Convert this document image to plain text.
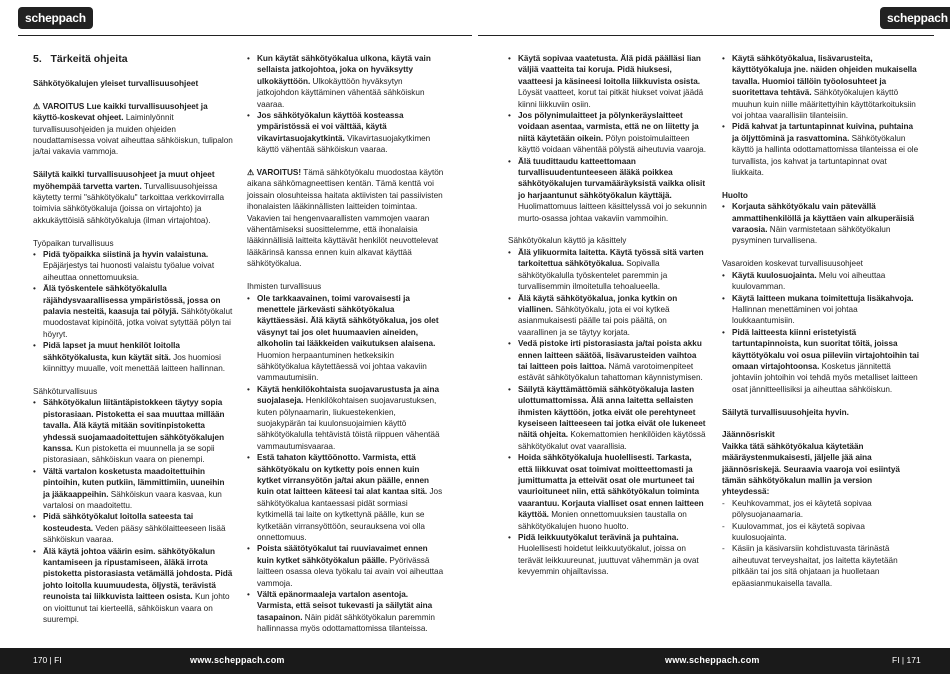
scheppach	scheppach

5.   Tärkeitä ohjeita

Sähkötyökalujen yleiset turvallisuusohjeet

⚠ VAROITUS Lue kaikki turvallisuusohjeet ja käyttö-koskevat ohjeet. Laiminlyönnit turvallisuusohjeiden ja muiden ohjeiden noudattamisessa voivat aiheuttaa sähköiskun, tulipalon ja/tai vakavia vammoja.

Säilytä kaikki turvallisuusohjeet ja muut ohjeet myöhempää tarvetta varten. Turvallisuusohjeissa käytetty termi "sähkötyökalu" tarkoittaa verkkovirralla toimivia sähkötyökaluja (joissa on virtajohto) ja akkukäyttöisiä sähkötyökaluja (ilman virtajohtoa).

Työpaikan turvallisuus

• Pidä työpaikka siistinä ja hyvin valaistuna. Epäjärjestys tai huonosti valaistu työalue voivat aiheuttaa onnettomuuksia.
• Älä työskentele sähkötyökalulla räjähdysvaarallisessa ympäristössä, jossa on palavia nesteitä, kaasuja tai pölyjä. Sähkötyökalut muodostavat kipinöitä, jotka voivat sytyttää pölyn tai höyryt.
• Pidä lapset ja muut henkilöt loitolla sähkötyökalusta, kun käytät sitä. Jos huomiosi kiinnittyy muualle, voit menettää laitteen hallinnan.

Sähköturvallisuus

• Sähkötyökalun liitäntäpistokkeen täytyy sopia pistorasiaan. Pistoketta ei saa muuttaa millään tavalla. Älä käytä mitään sovitinpistoketta yhdessä suojamaadoitettujen sähkötyökalujen kanssa. Kun pistoketta ei muunnella ja se sopii pistorasiaan, sähköiskun vaara on pienempi.
• Vältä vartalon kosketusta maadoitettuihin pintoihin, kuten putkiin, lämmittimiin, uuneihin ja jääkaappeihin. Sähköiskun vaara kasvaa, kun vartalosi on maadoitettu.
• Pidä sähkötyökalut loitolla sateesta tai kosteudesta. Veden pääsy sähkölaitteeseen lisää sähköiskun vaaraa.
• Älä käytä johtoa väärin esim. sähkötyökalun kantamiseen ja ripustamiseen, äläkä irrota pistoketta pistorasiasta vetämällä johdosta. Pidä johto loitolla kuumuudesta, öljystä, terävistä reunoista tai liikkuvista laitteen osista. Kun johto on vioittunut tai kierteellä, sähköiskun vaara on suurempi.
• Kun käytät sähkötyökalua ulkona, käytä vain sellaista jatkojohtoa, joka on hyväksytty ulkokäyttöön. Ulkokäyttöön hyväksytyn jatkojohdon käyttäminen vähentää sähköiskun vaaraa.
• Jos sähkötyökalun käyttöä kosteassa ympäristössä ei voi välttää, käytä vikavirtasuojakytkintä. Vikavirtasuojakytkimen käyttö vähentää sähköiskun vaaraa.

⚠ VAROITUS! Tämä sähkötyökalu muodostaa käytön aikana sähkömagneettisen kentän. Tämä kenttä voi joissain olosuhteissa haitata aktiivisten tai passiivisten ihonalaisten lääkinnällisten laitteiden toimintaa. Vakavien tai hengenvaarallisten vammojen vaaran vähentämiseksi suosittelemme, että ihonalaisia lääkinnällisiä laitteita käyttävät henkilöt neuvottelevat lääkärinsä kanssa ennen kuin alkavat käyttää sähkötyökalua.

Ihmisten turvallisuus

• Ole tarkkaavainen, toimi varovaisesti ja menettele järkevästi sähkötyökalua käyttäessäsi. Älä käytä sähkötyökalua, jos olet väsynyt tai jos olet huumaavien aineiden, alkoholin tai lääkkeiden vaikutuksen alaisena. Huomion herpaantuminen hetkeksikin sähkötyökalua käytettäessä voi johtaa vakaviin vammautumisiin.
• Käytä henkilökohtaista suojavarustusta ja aina suojalaseja. Henkilökohtaisen suojavarustuksen, kuten pölynaamarin, liukuestekenkien, suojakypärän tai kuulonsuojaimien käyttö sähkötyökalulla tehtävistä töistä riippuen vähentää vammautumisvaaraa.
• Estä tahaton käyttöönotto. Varmista, että sähkötyökalu on kytketty pois ennen kuin kytket virransyötön ja/tai akun päälle, ennen kuin otat laitteen käteesi tai alat kantaa sitä. Jos sähkötyökalua kantaessasi pidät sormiasi kytkimellä tai laite on kytkettynä päälle, kun se kytketään virransyöttöön, seurauksena voi olla onnettomuus.
• Poista säätötyökalut tai ruuviavaimet ennen kuin kytket sähkötyökalun päälle. Pyörivässä laitteen osassa oleva työkalu tai avain voi aiheuttaa vammoja.
• Vältä epänormaaleja vartalon asentoja. Varmista, että seisot tukevasti ja säilytät aina tasapainon. Näin pidät sähkötyökalun paremmin hallinnassa myös odottamattomissa tilanteissa.
• Käytä sopivaa vaatetusta. Älä pidä päälläsi lian väljiä vaatteita tai koruja. Pidä hiuksesi, vaatteesi ja käsineesi loitolla liikkuvista osista. Löysät vaatteet, korut tai pitkät hiukset voivat jäädä kiinni liikkuviin osiin.
• Jos pölynimulaitteet ja pölynkeräyslaitteet voidaan asentaa, varmista, että ne on liitetty ja niitä käytetään oikein. Pölyn poistoimulaitteen käyttö voidaan vähentää pölystä aiheutuvia vaaroja.
• Älä tuudittaudu katteettomaan turvallisuudentunteeseen äläkä poikkea sähkötyökalujen turvamääräyksistä vaikka olisit jo harjaantunut sähkötyökalun käyttäjä. Huolimattomuus laitteen käsittelyssä voi jo sekunnin murto-osassa johtaa vakaviin vammoihin.

Sähkötyökalun käyttö ja käsittely

• Älä ylikuormita laitetta. Käytä työssä sitä varten tarkoitettua sähkötyökalua. Sopivalla sähkötyökalulla työskentelet paremmin ja turvallisemmin ilmoitetulla tehoalueella.
• Älä käytä sähkötyökalua, jonka kytkin on viallinen. Sähkötyökalu, jota ei voi kytkeä asianmukaisesti päälle tai pois päältä, on vaarallinen ja se täytyy korjata.
• Vedä pistoke irti pistorasiasta ja/tai poista akku ennen laitteen säätöä, lisävarusteiden vaihtoa tai laitteen pois laittoa. Nämä varotoimenpiteet estävät sähkötyökalun tahattoman käynnistymisen.
• Säilytä käyttämättömiä sähkötyökaluja lasten ulottumattomissa. Älä anna laitetta sellaisten ihmisten käyttöön, jotka eivät ole perehtyneet kyseiseen laitteeseen tai jotka eivät ole lukeneet näitä ohjeita. Kokemattomien henkilöiden käytössä sähkötyökalut ovat vaarallisia.
• Hoida sähkötyökaluja huolellisesti. Tarkasta, että liikkuvat osat toimivat moitteettomasti ja jumittumatta ja etteivät osat ole murtuneet tai vaurioituneet niin, että sähkötyökalun toiminta vaarantuu. Korjauta vialliset osat ennen laitteen käyttöä. Monien onnettomuuksien taustalla on sähkötyökalujen huono huolto.
• Pidä leikkuutyökalut terävinä ja puhtaina. Huolellisesti hoidetut leikkuutyökalut, joissa on terävät leikkuureunat, juuttuvat vähemmän ja ovat kevyemmin ohjailtavissa.
• Käytä sähkötyökalua, lisävarusteita, käyttötyökaluja jne. näiden ohjeiden mukaisella tavalla. Huomioi tällöin työolosuhteet ja suoritettava tehtävä. Sähkötyökalujen käyttö muuhun kuin niille määritettyihin käyttötarkoituksiin voi johtaa vaarallisiin tilanteisiin.
• Pidä kahvat ja tartuntapinnat kuivina, puhtaina ja öljyttöminä ja rasvattomina. Sähkötyökalun käyttö ja hallinta odottamattomissa tilanteissa ei ole turvallista, jos kahvat ja tartuntapinnat ovat liukkaita.

Huolto

• Korjauta sähkötyökalu vain pätevällä ammattihenkilöllä ja käyttäen vain alkuperäisiä varaosia. Näin varmistetaan sähkötyökalun pysyminen turvallisena.

Vasaroiden koskevat turvallisuusohjeet

• Käytä kuulosuojainta. Melu voi aiheuttaa kuulovamman.
• Käytä laitteen mukana toimitettuja lisäkahvoja. Hallinnan menettäminen voi johtaa loukkaantumisiin.
• Pidä laitteesta kiinni eristetyistä tartuntapinnoista, kun suoritat töitä, joissa käyttötyökalu voi osua piileviin virtajohtoihin tai omaan virtajohtoonsa. Kosketus jännitettä johtaviin johtoihin voi tehdä myös metalliset laitteen osat jännitteellisiksi ja aiheuttaa sähköiskun.

Säilytä turvallisuusohjeita hyvin.

Jäännösriskit

Vaikka tätä sähkötyökalua käytetään määräystenmukaisesti, jäljelle jää aina jäännösriskejä. Seuraavia vaaroja voi esiintyä tämän sähkötyökalun mallin ja version yhteydessä:

- Keuhkovammat, jos ei käytetä sopivaa pölysuojanaamaria.
- Kuulovammat, jos ei käytetä sopivaa kuulosuojainta.
- Käsiin ja käsivarsiin kohdistuvasta tärinästä aiheutuvat terveyshaitat, jos laitetta käytetään pitkään tai jos sitä ohjataan ja huolletaan epäasianmukaisella tavalla.
170 | FI	www.scheppach.com	www.scheppach.com	FI | 171
